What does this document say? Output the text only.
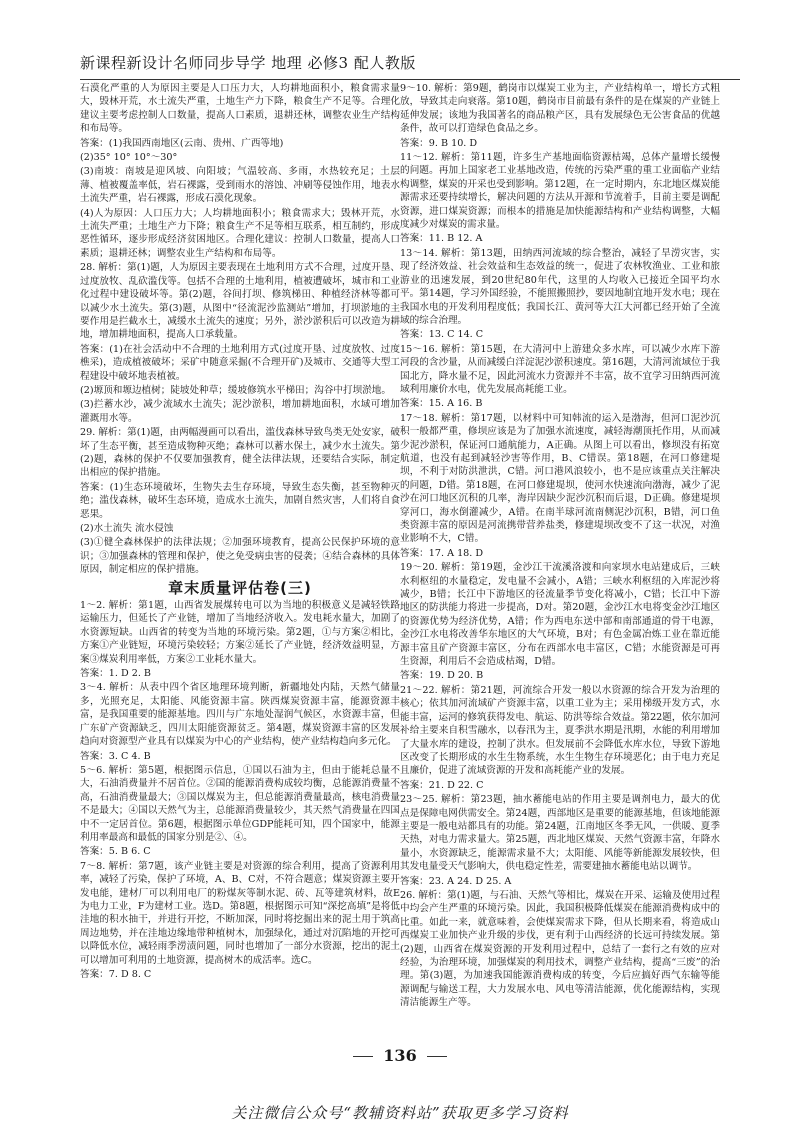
新课程新设计名师同步导学 地理 必修3 配人教版

石漠化严重的人为原因主要是人口压力大，人均耕地面积小，粮食需求量大，毁林开荒，水土流失严重，土地生产力下降，粮食生产不足等。合理化建议主要考虑控制人口数量，提高人口素质，退耕还林，调整农业生产结构和布局等。

答案：(1)我国西南地区(云南、贵州、广西等地)

(2)35° 10° 10°～30°

(3)南坡：南坡是迎风坡、向阳坡；气温较高、多雨，水热较充足；土层薄、植被覆盖率低，岩石裸露，受到雨水的溶蚀、冲刷等侵蚀作用，地表水土流失严重，岩石裸露，形成石漠化现象。

(4)人为原因：人口压力大；人均耕地面积小；粮食需求大；毁林开荒，水土流失严重；土地生产力下降；粮食生产不足等相互联系，相互制约，形成恶性循环，逐步形成经济贫困地区。合理化建议：控制人口数量，提高人口素质；退耕还林；调整农业生产结构和布局等。

28. 解析：第(1)题，人为原因主要表现在土地利用方式不合理，过度开垦、过度放牧、乱砍滥伐等。包括不合理的土地利用，植被遭破坏，城市和工业化过程中建设破坏等。第(2)题，谷间打坝、修筑梯田、种植经济林等都可以减少水土流失。第(3)题，从图中“径流泥沙监测站”增加，打坝淤地的主要作用是拦截水土，减缓水土流失的速度；另外，淤沙淤积后可以改造为耕地，增加耕地面积，提高人口承载量。

答案：(1)在社会活动中不合理的土地利用方式(过度开垦、过度放牧、过度樵采)，造成植被破坏；采矿中随意采掘(不合理开矿)及城市、交通等大型工程建设中破坏地表植被。

(2)塬顶和塬边植树；陡坡处种草；缓坡修筑水平梯田；沟谷中打坝淤地。

(3)拦蓄水沙，减少流域水土流失；泥沙淤积，增加耕地面积，水域可增加灌溉用水等。

29. 解析：第(1)题，由两幅漫画可以看出，滥伐森林导致鸟类无处安家，破坏了生态平衡，甚至造成物种灭绝；森林可以蓄水保土，减少水土流失。第(2)题，森林的保护不仅要加强教育，健全法律法规，还要结合实际，制定出相应的保护措施。

答案：(1)生态环境破坏，生物失去生存环境，导致生态失衡，甚至物种灭绝；滥伐森林，破坏生态环境，造成水土流失，加剧自然灾害，人们将自食恶果。

(2)水土流失 流水侵蚀

(3)①健全森林保护的法律法规；②加强环境教育，提高公民保护环境的意识；③加强森林的管理和保护，使之免受病虫害的侵袭；④结合森林的具体原因，制定相应的保护措施。

章末质量评估卷(三)

1～2. 解析：第1题，山西省发展煤转电可以为当地的积极意义是减轻铁路运输压力，但延长了产业链，增加了当地经济收入。发电耗水量大，加剧了水资源短缺。山西省的转变为当地的环境污染。第2题，①与方案②相比，方案①产业链短，环境污染较轻；方案②延长了产业链，经济效益明显，方案③煤炭利用率低，方案②工业耗水量大。

答案：1. D 2. B

3～4. 解析：从表中四个省区地理环境判断，新疆地处内陆，天然气储量多，光照充足，太阳能、风能资源丰富。陕西煤炭资源丰富，能源资源丰富，是我国重要的能源基地。四川与广东地处湿润气候区，水资源丰富，但广东矿产资源缺乏，四川太阳能资源贫乏。第4题，煤炭资源丰富的区发展趋向对资源型产业具有以煤炭为中心的产业结构，使产业结构趋向多元化。

答案：3. C 4. B

5～6. 解析：第5题，根据图示信息，①国以石油为主，但由于能耗总量不大，石油消费量并不居首位。②国的能源消费构成较均衡，总能源消费量不高，石油消费量最大；③国以煤炭为主，但总能源消费量最高，核电消费量不是最大；④国以天然气为主，总能源消费量较少，其天然气消费量在四国中不一定居首位。第6题，根据图示单位GDP能耗可知，四个国家中，能源利用率最高和最低的国家分别是②、④。

答案：5. B 6. C

7～8. 解析：第7题，该产业链主要是对资源的综合利用，提高了资源利用率，减轻了污染，保护了环境，A、B、C对，不符合题意；煤炭资源主要开发电能，建材厂可以利用电厂的粉煤灰等制水泥、砖、瓦等建筑材料，故E为电力工业，F为建材工业。选D。第8题，根据图示可知“深挖高填”是将低洼地的积水抽干，并进行开挖，不断加深，同时将挖掘出来的泥土用于筑高周边地势，并在洼地边缘地带种植树木，加强绿化，通过对沉陷地的开挖可以降低水位，减轻雨季涝渍问题，同时也增加了一部分水资源，挖出的泥土可以增加可利用的土地资源，提高树木的成活率。选C。

答案：7. D 8. C

9～10. 解析：第9题，鹤岗市以煤炭工业为主，产业结构单一，增长方式粗放，导致其走向衰落。第10题，鹤岗市目前最有条件的是在煤炭的产业链上延伸发展；该地为我国著名的商品粮产区，具有发展绿色无公害食品的优越条件，故可以打造绿色食品之乡。

答案：9. B 10. D

11～12. 解析：第11题，许多生产基地面临资源枯竭，总体产量增长缓慢的问题。再加上国家老工业基地改造，传统的污染严重的重工业面临产业结构调整，煤炭的开采也受到影响。第12题，在一定时期内，东北地区煤炭能源需求还要持续增长，解决问题的方法从开源和节流着手，目前主要是调配资源，进口煤炭资源；而根本的措施是加快能源结构和产业结构调整，大幅度减少对煤炭的需求量。

答案：11. B 12. A

13～14. 解析：第13题，田纳西河流域的综合整治，减轻了旱涝灾害，实现了经济效益、社会效益和生态效益的统一，促进了农林牧渔业、工业和旅游业的迅速发展，到20世纪80年代，这里的人均收入已接近全国平均水平。第14题，学习外国经验，不能照搬照抄，要因地制宜地开发水电；现在我国水电的开发利用程度低；我国长江、黄河等大江大河都已经开始了全流域的综合治理。

答案：13. C 14. C

15～16. 解析：第15题，在大清河中上游建众多水库，可以减少水库下游河段的含沙量，从而减缓白洋淀泥沙淤积速度。第16题，大清河流域位于我国北方，降水量不足，因此河流水力资源并不丰富，故不宜学习田纳西河流域利用廉价水电，优先发展高耗能工业。

答案：15. A 16. B

17～18. 解析：第17题，以材料中可知韩流的运入是渤海，但河口泥沙沉积一般都严重，修坝应该是为了加强水流速度，减轻海潮顶托作用，从而减少泥沙淤积，保证河口通航能力，A正确。从图上可以看出，修坝没有拓宽航道，也没有起到减轻沙害等作用，B、C错误。第18题，在河口修建堤坝，不利于对防洪泄洪，C错。河口港风浪较小，也不是应该重点关注解决的问题，D错。第18题，在河口修建堤坝，使河水快速流向渤海，减少了泥沙在河口地区沉积的几率，海岸因缺少泥沙沉积而后退，D正确。修建堤坝穿河口，海水倒灌减少，A错。在南半球河流南侧泥沙沉积，B错，河口鱼类资源丰富的原因是河流携带营养盐类，修建堤坝改变不了这一状况，对渔业影响不大，C错。

答案：17. A 18. D

19～20. 解析：第19题，金沙江干流溪洛渡和向家坝水电站建成后，三峡水利枢纽的水量稳定，发电量不会减小，A错；三峡水利枢纽的入库泥沙将减少，B错；长江中下游地区的径流量季节变化将减小，C错；长江中下游地区的防洪能力将进一步提高，D对。第20题，金沙江水电将变金沙江地区的资源优势为经济优势，A错；作为西电东送中部和南部通道的骨干电源，金沙江水电将改善华东地区的大气环境，B对；有色金属冶炼工业在靠近能源丰富且矿产资源丰富区，分布在西部水电丰富区，C错；水能资源是可再生资源，利用后不会造成枯竭，D错。

答案：19. D 20. B

21～22. 解析：第21题，河流综合开发一般以水资源的综合开发为治理的核心；依其加河流域矿产资源丰富，以重工业为主；采用梯级开发方式，水能丰富，运河的修筑获得发电、航运、防洪等综合效益。第22题，依尔加河补给主要来自积雪融水，以春汛为主，夏季洪水期是汛期，水能的利用增加了大量水库的建设，控制了洪水。但发展前不会降低水库水位，导致下游地区改变了长期形成的水生生物系统，水生生物生存环境恶化；由于电力充足且廉价，促进了流域资源的开发和高耗能产业的发展。

答案：21. D 22. C

23～25. 解析：第23题，抽水蓄能电站的作用主要是调剂电力，最大的优点是保障电网供需安全。第24题，西部地区是重要的能源基地，但该地能源主要是一般电站都具有的功能。第24题，江南地区冬季无风，一供暖、夏季天热，对电力需求量大。第25题，西北地区煤炭、天然气资源丰富，年降水量小，水资源缺乏，能源需求量不大；太阳能、风能等新能源发展较快，但其发电量受天气影响大，供电稳定性差，需要建抽水蓄能电站以调节。

答案：23. A 24. D 25. A

26. 解析：第(1)题，与石油、天然气等相比，煤炭在开采、运输及使用过程中均会产生严重的环境污染。因此，我国积极降低煤炭在能源消费构成中的比重。如此一来，就意味着，会使煤炭需求下降，但从长期来看，将造成山西煤炭工业加快产业升级的步伐，更有利于山西经济的长远可持续发展。第(2)题，山西省在煤炭资源的开发利用过程中，总结了一套行之有效的应对经验，为治理环境，加强煤炭的利用技术，调整产业结构，提高“三废”的治理。第(3)题，为加速我国能源消费构成的转变，今后应搞好西气东输等能源调配与输送工程，大力发展水电、风电等清洁能源，优化能源结构，实现清洁能源生产等。

136
关注微信公众号“教辅资料站”获取更多学习资料
